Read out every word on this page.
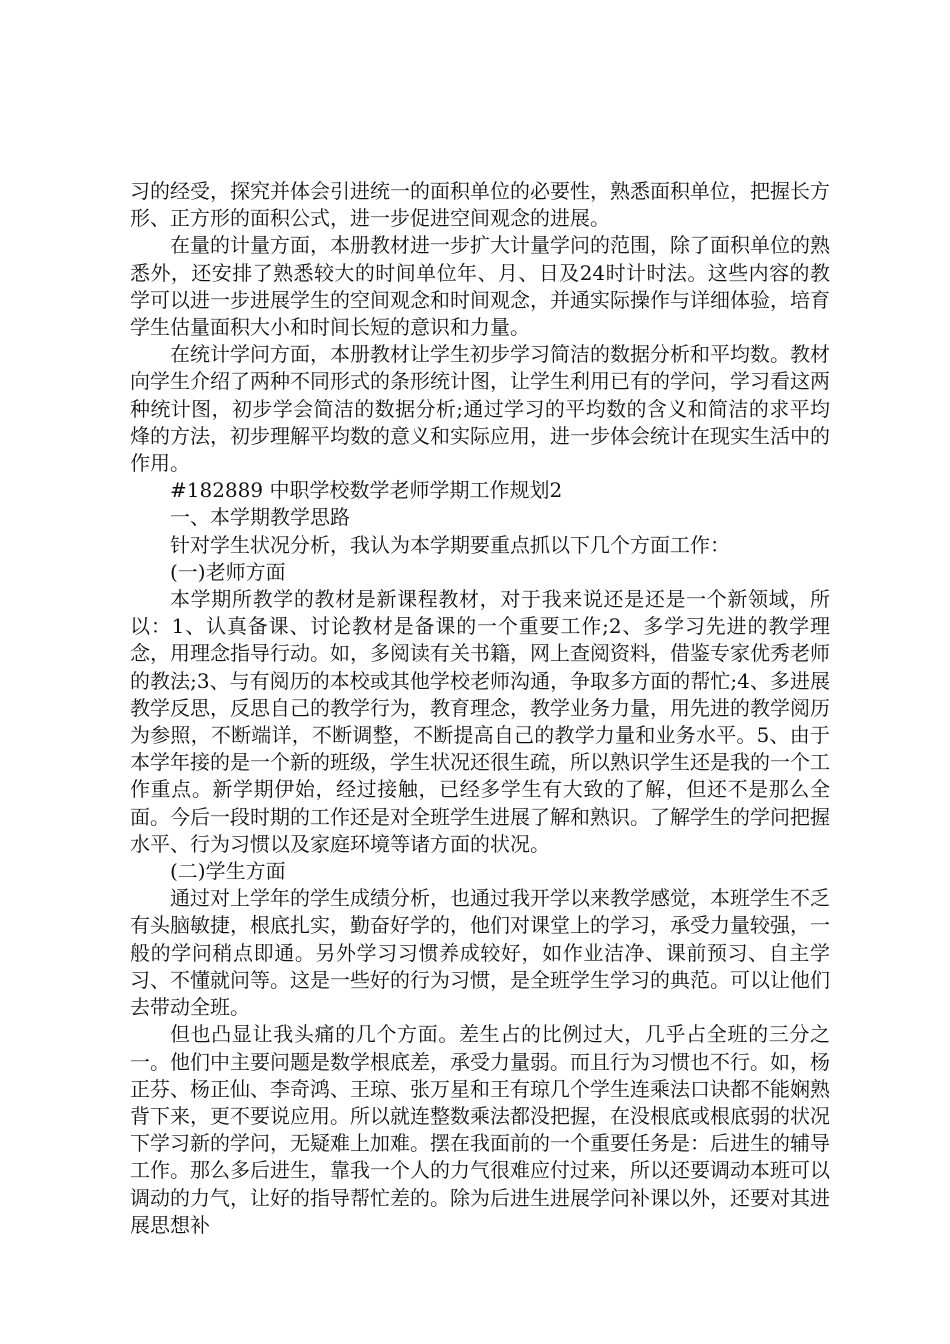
习的经受，探究并体会引进统一的面积单位的必要性，熟悉面积单位，把握长方形、正方形的面积公式，进一步促进空间观念的进展。

在量的计量方面，本册教材进一步扩大计量学问的范围，除了面积单位的熟悉外，还安排了熟悉较大的时间单位年、月、日及24时计时法。这些内容的教学可以进一步进展学生的空间观念和时间观念，并通实际操作与详细体验，培育学生估量面积大小和时间长短的意识和力量。

在统计学问方面，本册教材让学生初步学习简洁的数据分析和平均数。教材向学生介绍了两种不同形式的条形统计图，让学生利用已有的学问，学习看这两种统计图，初步学会简洁的数据分析;通过学习的平均数的含义和简洁的求平均烽的方法，初步理解平均数的意义和实际应用，进一步体会统计在现实生活中的作用。

#182889 中职学校数学老师学期工作规划2

一、本学期教学思路

针对学生状况分析，我认为本学期要重点抓以下几个方面工作：

(一)老师方面

本学期所教学的教材是新课程教材，对于我来说还是还是一个新领域，所以：1、认真备课、讨论教材是备课的一个重要工作;2、多学习先进的教学理念，用理念指导行动。如，多阅读有关书籍，网上查阅资料，借鉴专家优秀老师的教法;3、与有阅历的本校或其他学校老师沟通，争取多方面的帮忙;4、多进展教学反思，反思自己的教学行为，教育理念，教学业务力量，用先进的教学阅历为参照，不断端详，不断调整，不断提高自己的教学力量和业务水平。5、由于本学年接的是一个新的班级，学生状况还很生疏，所以熟识学生还是我的一个工作重点。新学期伊始，经过接触，已经多学生有大致的了解，但还不是那么全面。今后一段时期的工作还是对全班学生进展了解和熟识。了解学生的学问把握水平、行为习惯以及家庭环境等诸方面的状况。

(二)学生方面

通过对上学年的学生成绩分析，也通过我开学以来教学感觉，本班学生不乏有头脑敏捷，根底扎实，勤奋好学的，他们对课堂上的学习，承受力量较强，一般的学问稍点即通。另外学习习惯养成较好，如作业洁净、课前预习、自主学习、不懂就问等。这是一些好的行为习惯，是全班学生学习的典范。可以让他们去带动全班。

但也凸显让我头痛的几个方面。差生占的比例过大，几乎占全班的三分之一。他们中主要问题是数学根底差，承受力量弱。而且行为习惯也不行。如，杨正芬、杨正仙、李奇鸿、王琼、张万星和王有琼几个学生连乘法口诀都不能娴熟背下来，更不要说应用。所以就连整数乘法都没把握，在没根底或根底弱的状况下学习新的学问，无疑难上加难。摆在我面前的一个重要任务是：后进生的辅导工作。那么多后进生，靠我一个人的力气很难应付过来，所以还要调动本班可以调动的力气，让好的指导帮忙差的。除为后进生进展学问补课以外，还要对其进展思想补
